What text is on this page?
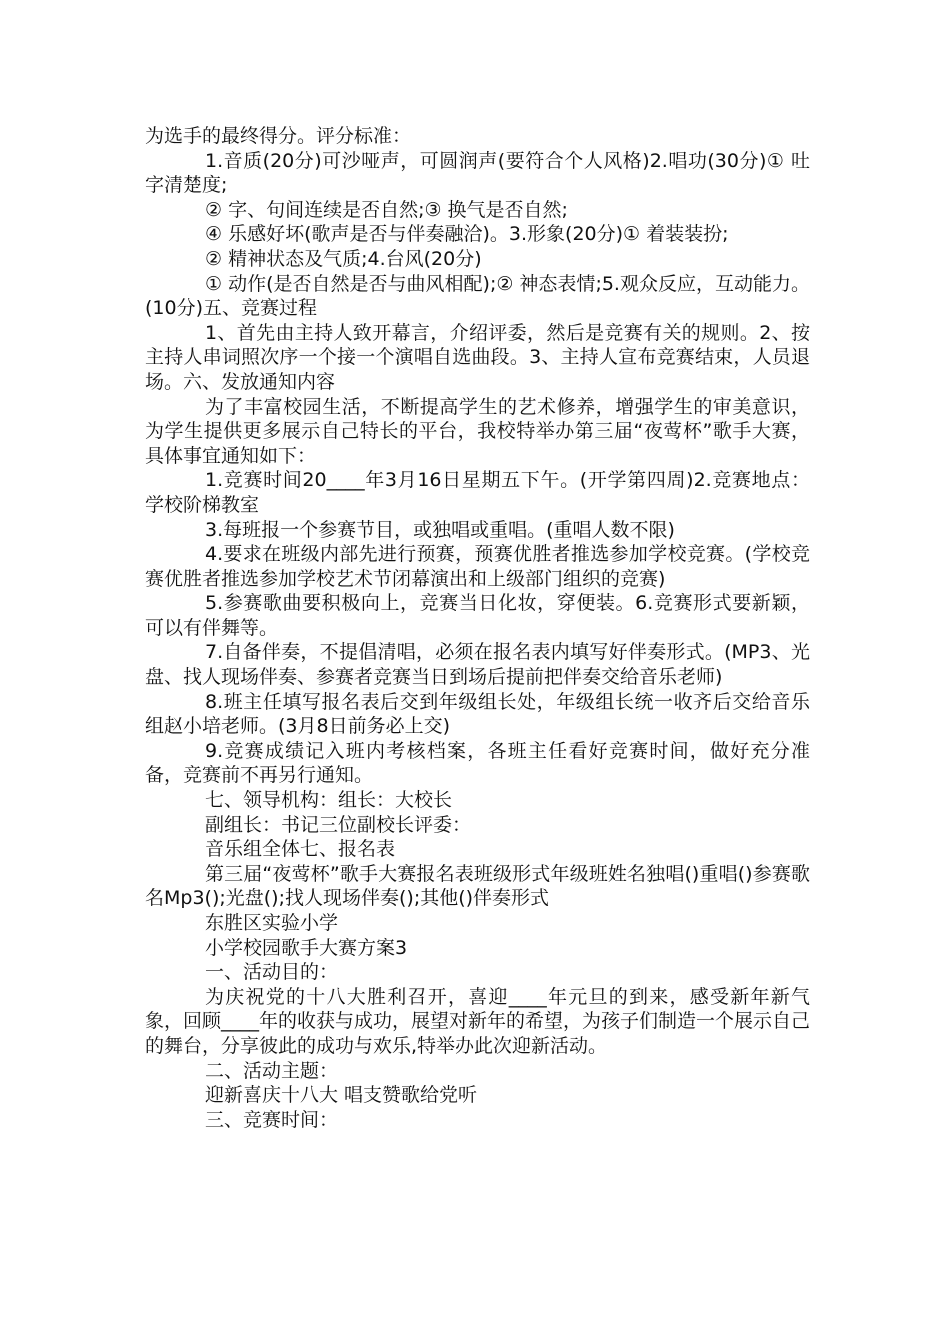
为选手的最终得分。评分标准：

1.音质(20分)可沙哑声，可圆润声(要符合个人风格)2.唱功(30分)① 吐字清楚度;

② 字、句间连续是否自然;③ 换气是否自然;

④ 乐感好坏(歌声是否与伴奏融洽)。3.形象(20分)① 着装装扮;

② 精神状态及气质;4.台风(20分)

① 动作(是否自然是否与曲风相配);② 神态表情;5.观众反应，互动能力。(10分)五、竞赛过程

1、首先由主持人致开幕言，介绍评委，然后是竞赛有关的规则。2、按主持人串词照次序一个接一个演唱自选曲段。3、主持人宣布竞赛结束，人员退场。六、发放通知内容

为了丰富校园生活，不断提高学生的艺术修养，增强学生的审美意识，为学生提供更多展示自己特长的平台，我校特举办第三届“夜莺杯”歌手大赛，具体事宜通知如下：

1.竞赛时间20____年3月16日星期五下午。(开学第四周)2.竞赛地点：学校阶梯教室

3.每班报一个参赛节目，或独唱或重唱。(重唱人数不限)

4.要求在班级内部先进行预赛，预赛优胜者推选参加学校竞赛。(学校竞赛优胜者推选参加学校艺术节闭幕演出和上级部门组织的竞赛)

5.参赛歌曲要积极向上，竞赛当日化妆，穿便装。6.竞赛形式要新颖，可以有伴舞等。

7.自备伴奏，不提倡清唱，必须在报名表内填写好伴奏形式。(MP3、光盘、找人现场伴奏、参赛者竞赛当日到场后提前把伴奏交给音乐老师)

8.班主任填写报名表后交到年级组长处，年级组长统一收齐后交给音乐组赵小培老师。(3月8日前务必上交)

9.竞赛成绩记入班内考核档案，各班主任看好竞赛时间，做好充分准备，竞赛前不再另行通知。

七、领导机构：组长：大校长

副组长：书记三位副校长评委：

音乐组全体七、报名表

第三届“夜莺杯”歌手大赛报名表班级形式年级班姓名独唱()重唱()参赛歌名Mp3();光盘();找人现场伴奏();其他()伴奏形式

东胜区实验小学

小学校园歌手大赛方案3

一、活动目的：

为庆祝党的十八大胜利召开，喜迎____年元旦的到来，感受新年新气象，回顾____年的收获与成功，展望对新年的希望，为孩子们制造一个展示自己的舞台，分享彼此的成功与欢乐,特举办此次迎新活动。

二、活动主题：

迎新喜庆十八大 唱支赞歌给党听

三、竞赛时间：
